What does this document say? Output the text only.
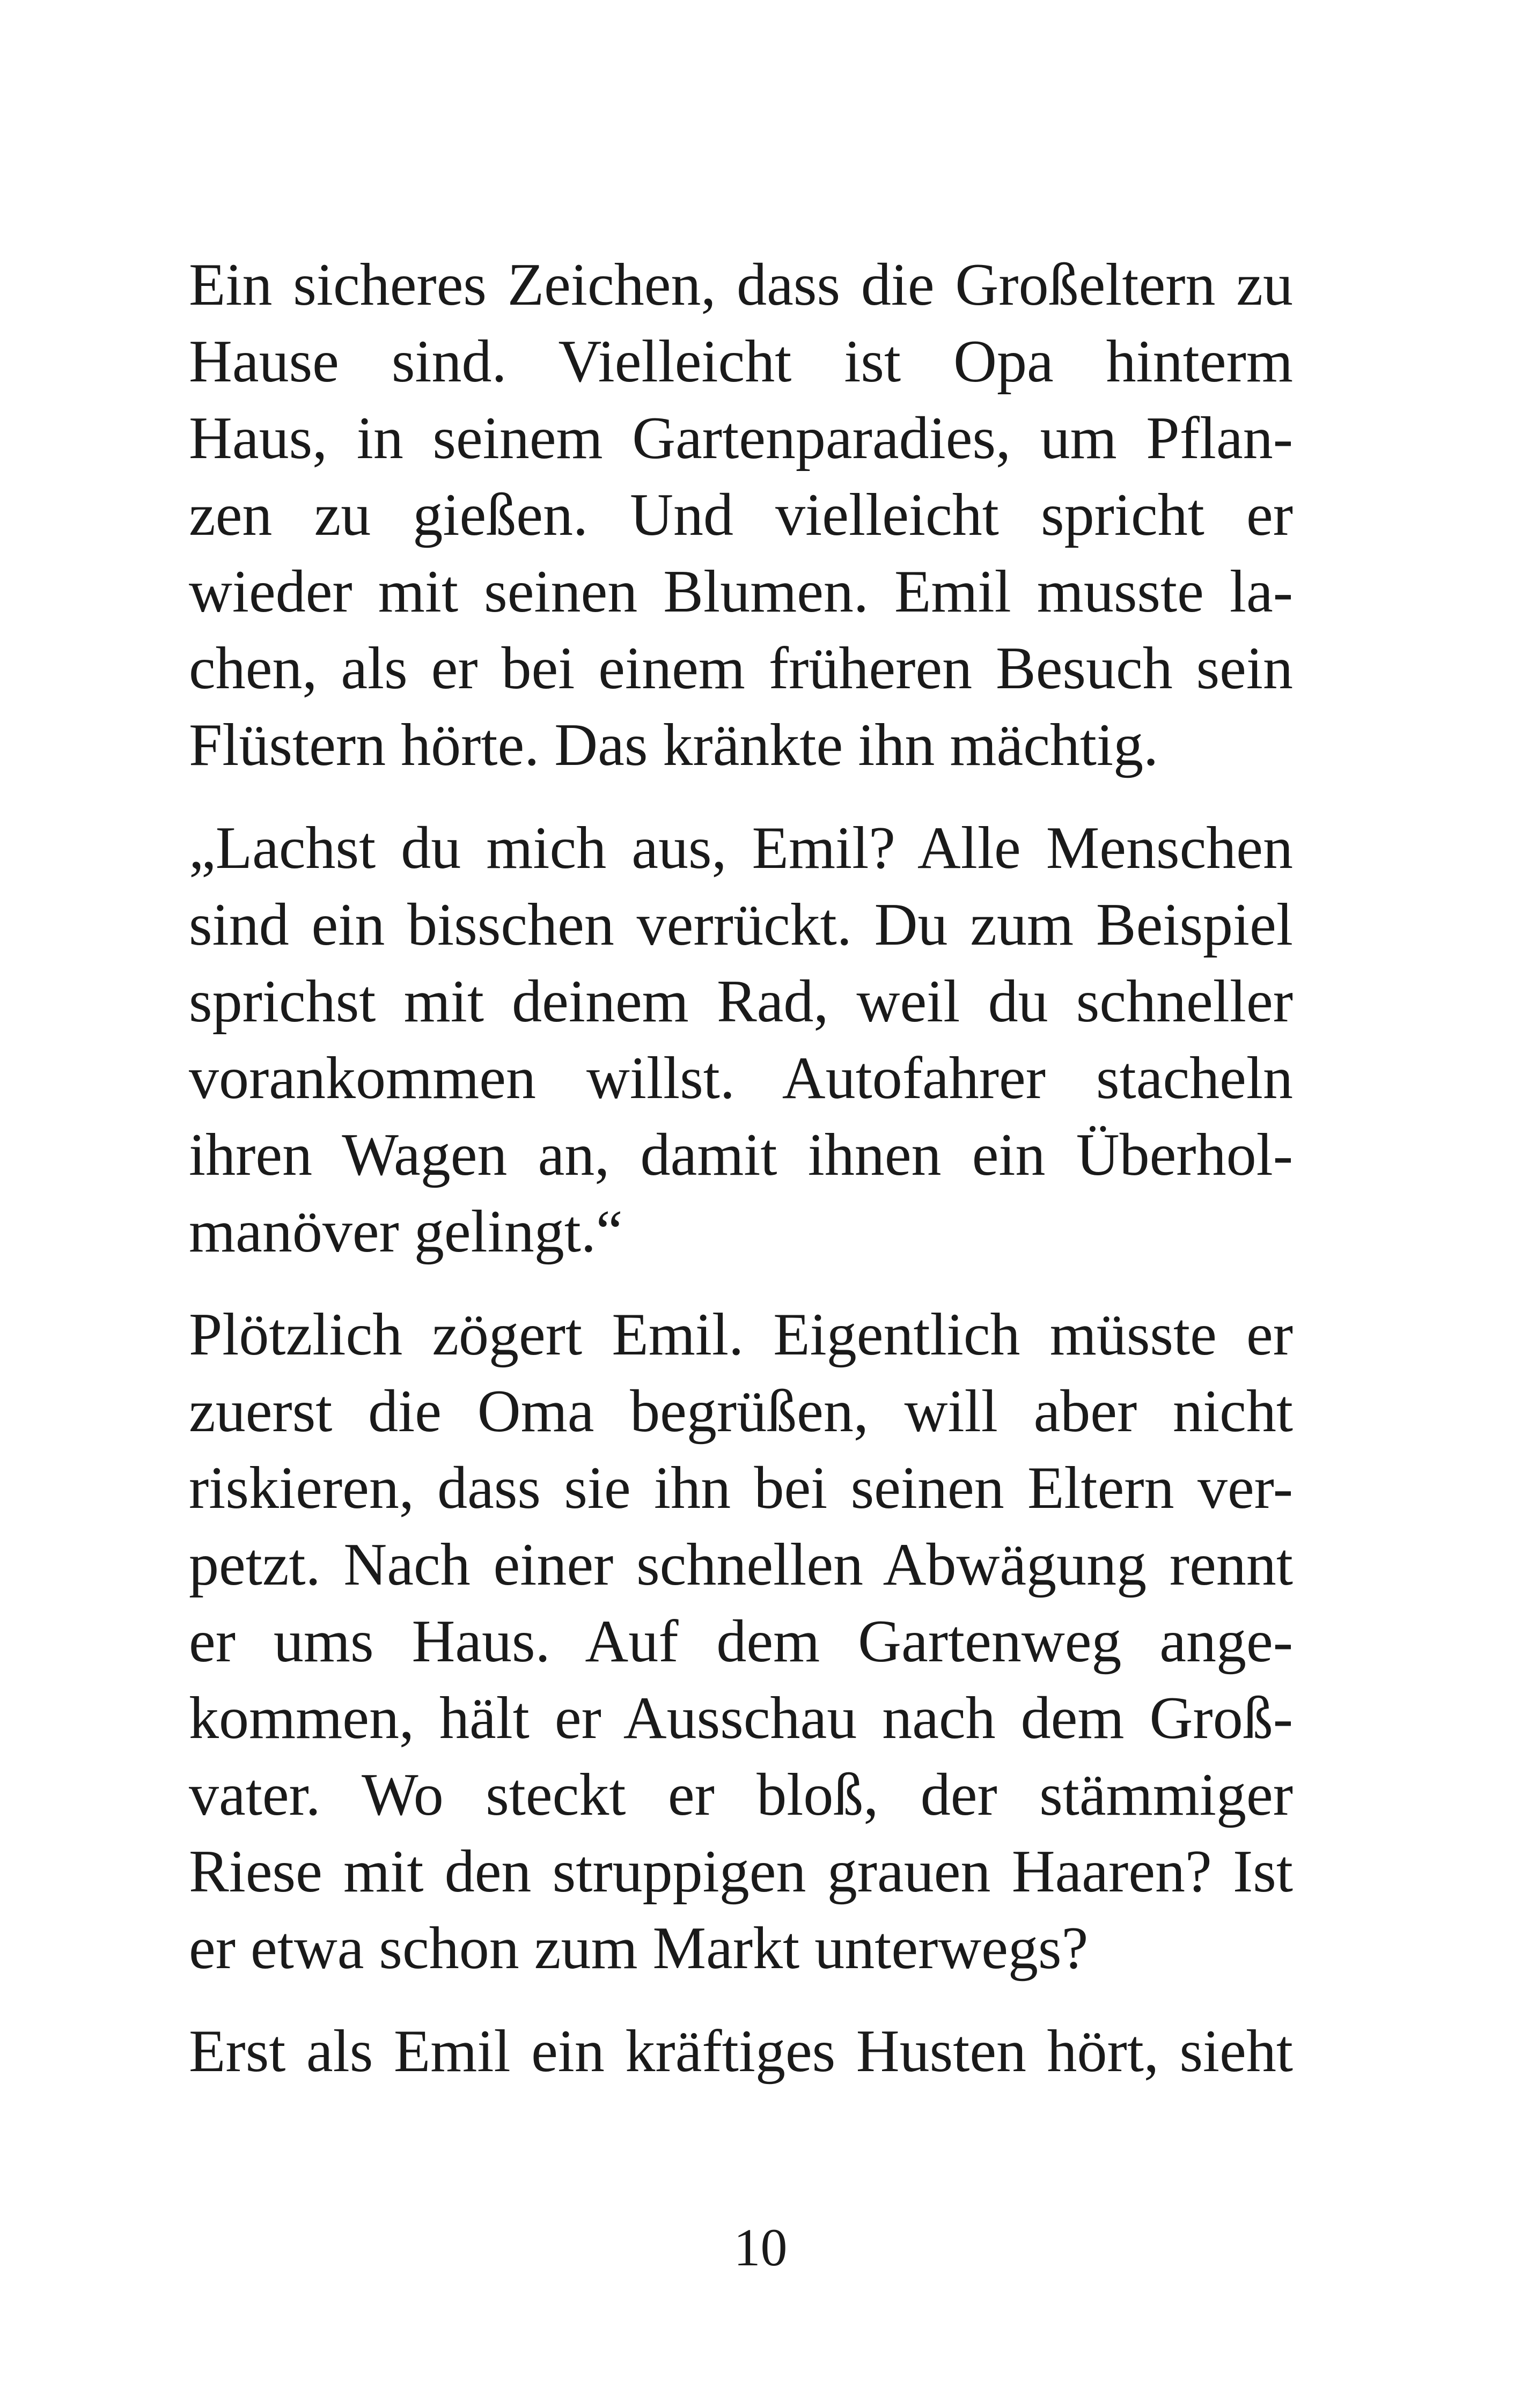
Ein sicheres Zeichen, dass die Großeltern zu
Hause sind. Vielleicht ist Opa hinterm
Haus, in seinem Gartenparadies, um Pflan-
zen zu gießen. Und vielleicht spricht er
wieder mit seinen Blumen. Emil musste la-
chen, als er bei einem früheren Besuch sein
Flüstern hörte. Das kränkte ihn mächtig.
„Lachst du mich aus, Emil? Alle Menschen
sind ein bisschen verrückt. Du zum Beispiel
sprichst mit deinem Rad, weil du schneller
vorankommen willst. Autofahrer stacheln
ihren Wagen an, damit ihnen ein Überhol-
manöver gelingt.“
Plötzlich zögert Emil. Eigentlich müsste er
zuerst die Oma begrüßen, will aber nicht
riskieren, dass sie ihn bei seinen Eltern ver-
petzt. Nach einer schnellen Abwägung rennt
er ums Haus. Auf dem Gartenweg ange-
kommen, hält er Ausschau nach dem Groß-
vater. Wo steckt er bloß, der stämmiger
Riese mit den struppigen grauen Haaren? Ist
er etwa schon zum Markt unterwegs?
Erst als Emil ein kräftiges Husten hört, sieht
10
